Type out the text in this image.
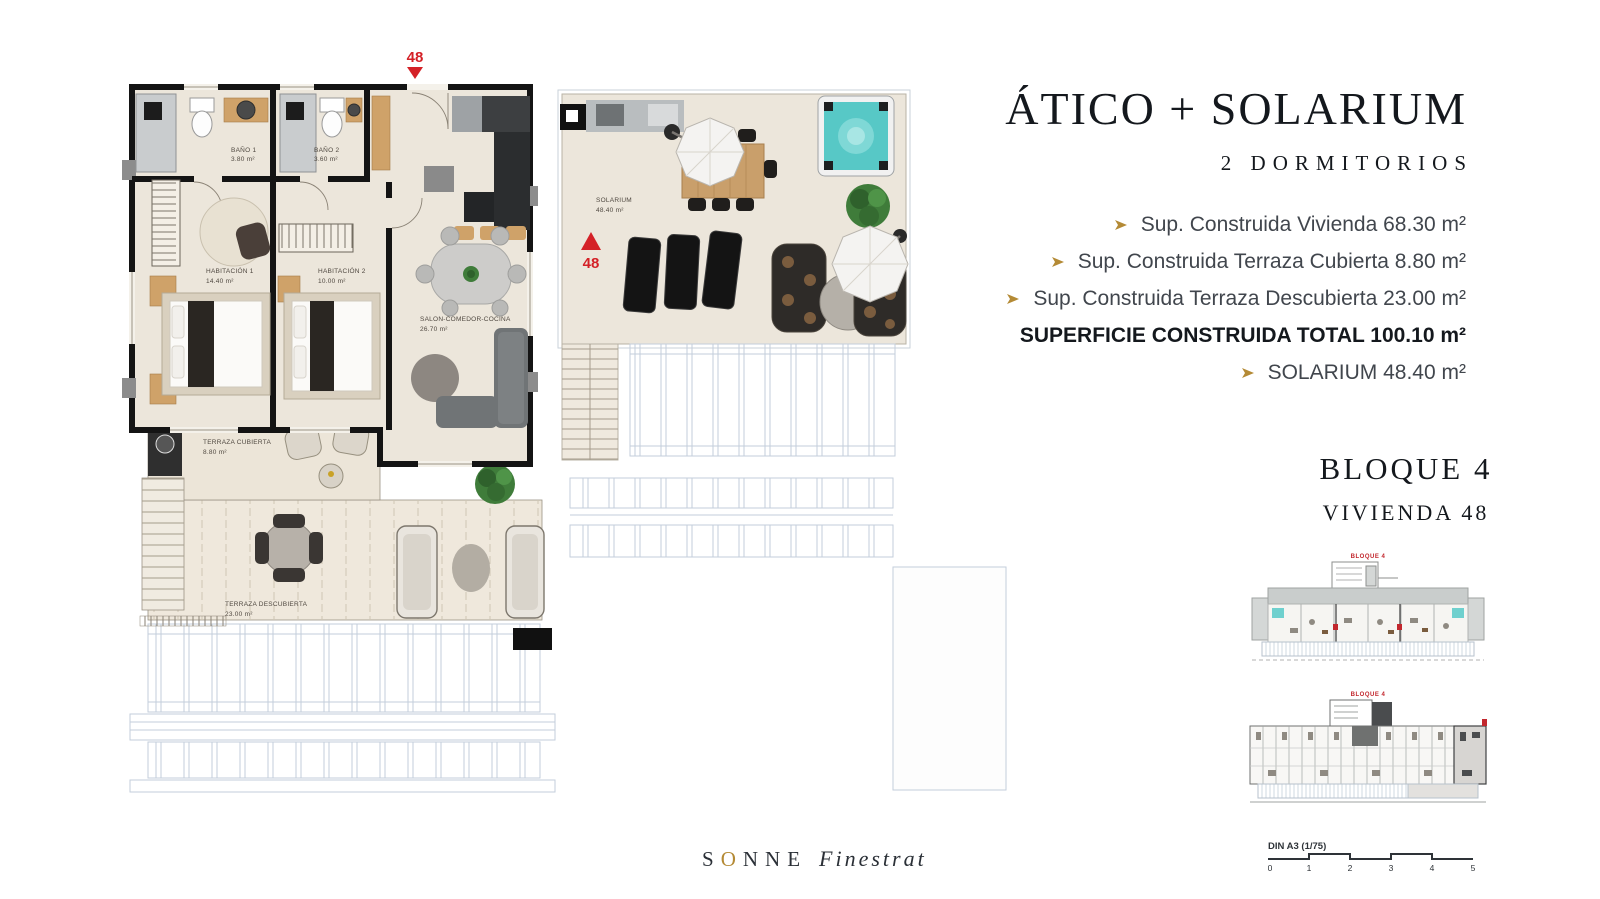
48
TERRAZA DESCUBIERTA
23.00 m²
TERRAZA CUBIERTA
8.80 m²
BAÑO 1
3.80 m²
BAÑO 2
3.60 m²
HABITACIÓN 1
14.40 m²
HABITACIÓN 2
10.00 m²
SALON-COMEDOR-COCINA
26.70 m²
SOLARIUM
48.40 m²
48
ÁTICO + SOLARIUM
2 DORMITORIOS
Sup. Construida Vivienda 68.30 m²
Sup. Construida Terraza Cubierta 8.80 m²
Sup. Construida Terraza Descubierta 23.00 m²
SUPERFICIE CONSTRUIDA TOTAL 100.10 m²
SOLARIUM 48.40 m²
BLOQUE 4
VIVIENDA 48
BLOQUE 4
BLOQUE 4
DIN A3 (1/75)
0	1	2	3	4	5
SONNE Finestrat
